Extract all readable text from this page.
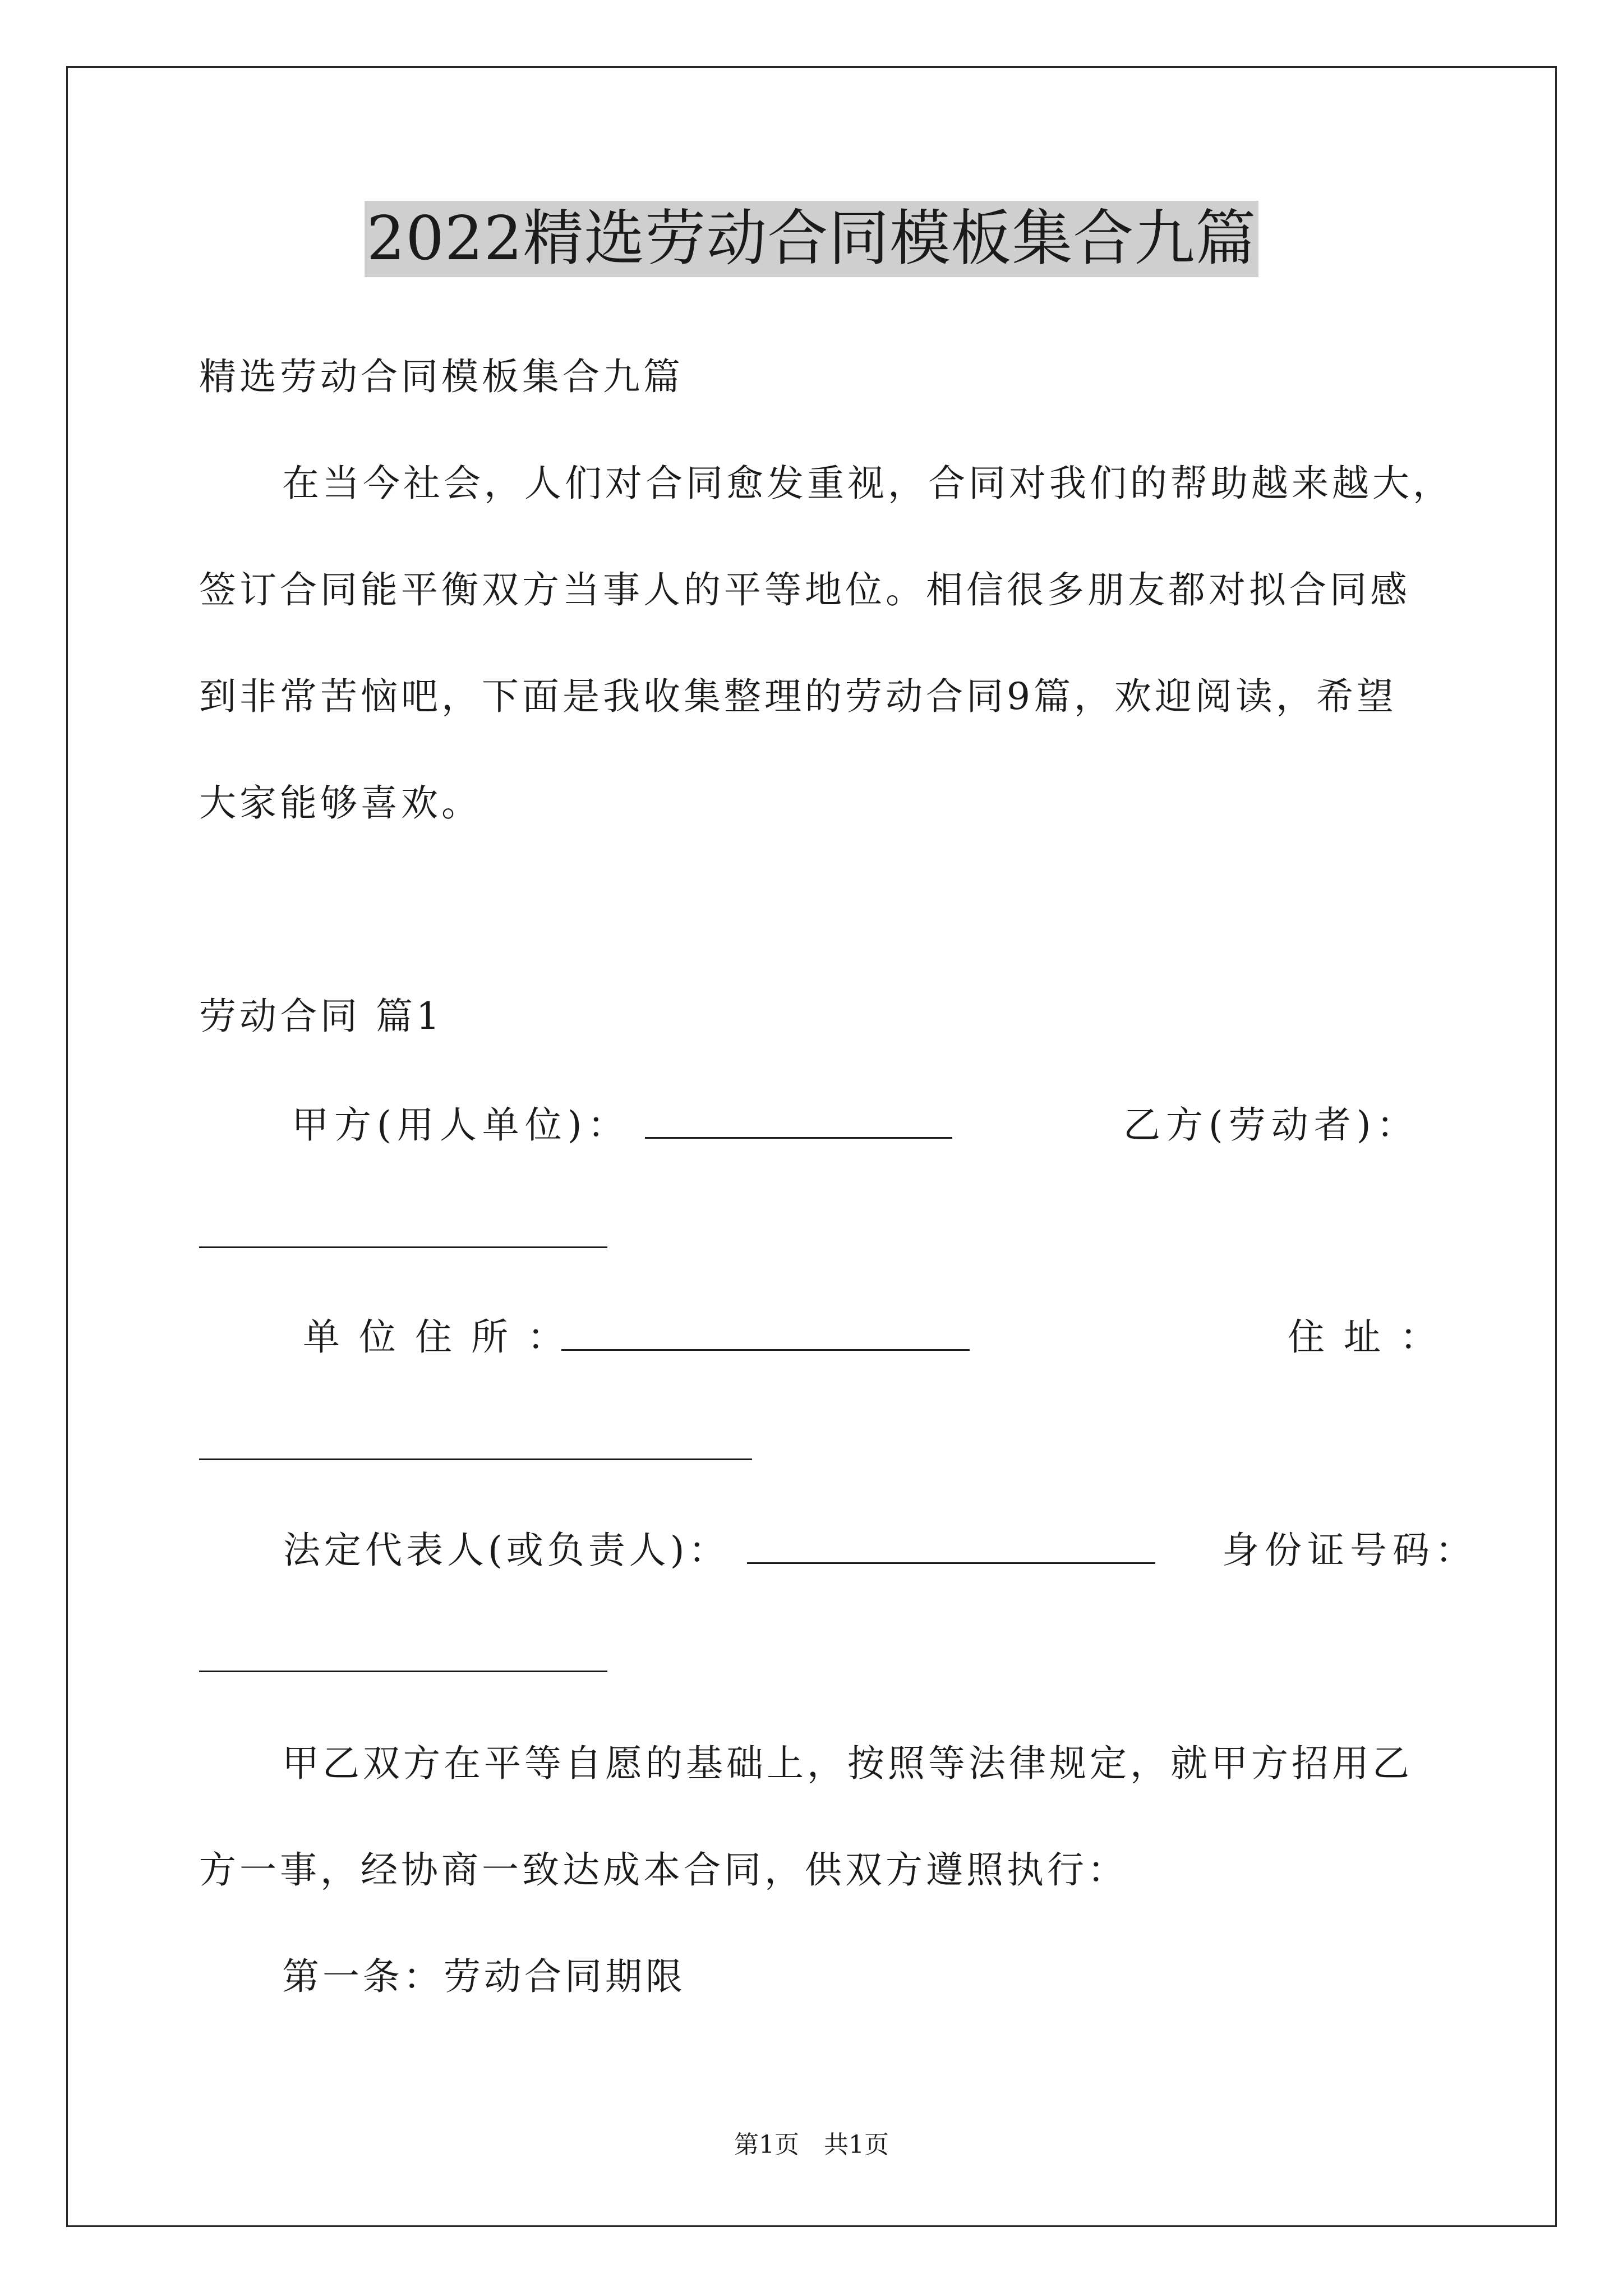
2022精选劳动合同模板集合九篇
精选劳动合同模板集合九篇
在当今社会，人们对合同愈发重视，合同对我们的帮助越来越大，
签订合同能平衡双方当事人的平等地位。相信很多朋友都对拟合同感
到非常苦恼吧，下面是我收集整理的劳动合同9篇，欢迎阅读，希望
大家能够喜欢。
劳动合同 篇1
甲方(用人单位)：	乙方(劳动者)：
单位住所：	住址：
法定代表人(或负责人)：	身份证号码：
甲乙双方在平等自愿的基础上，按照等法律规定，就甲方招用乙
方一事，经协商一致达成本合同，供双方遵照执行：
第一条：劳动合同期限
第1页　共1页
